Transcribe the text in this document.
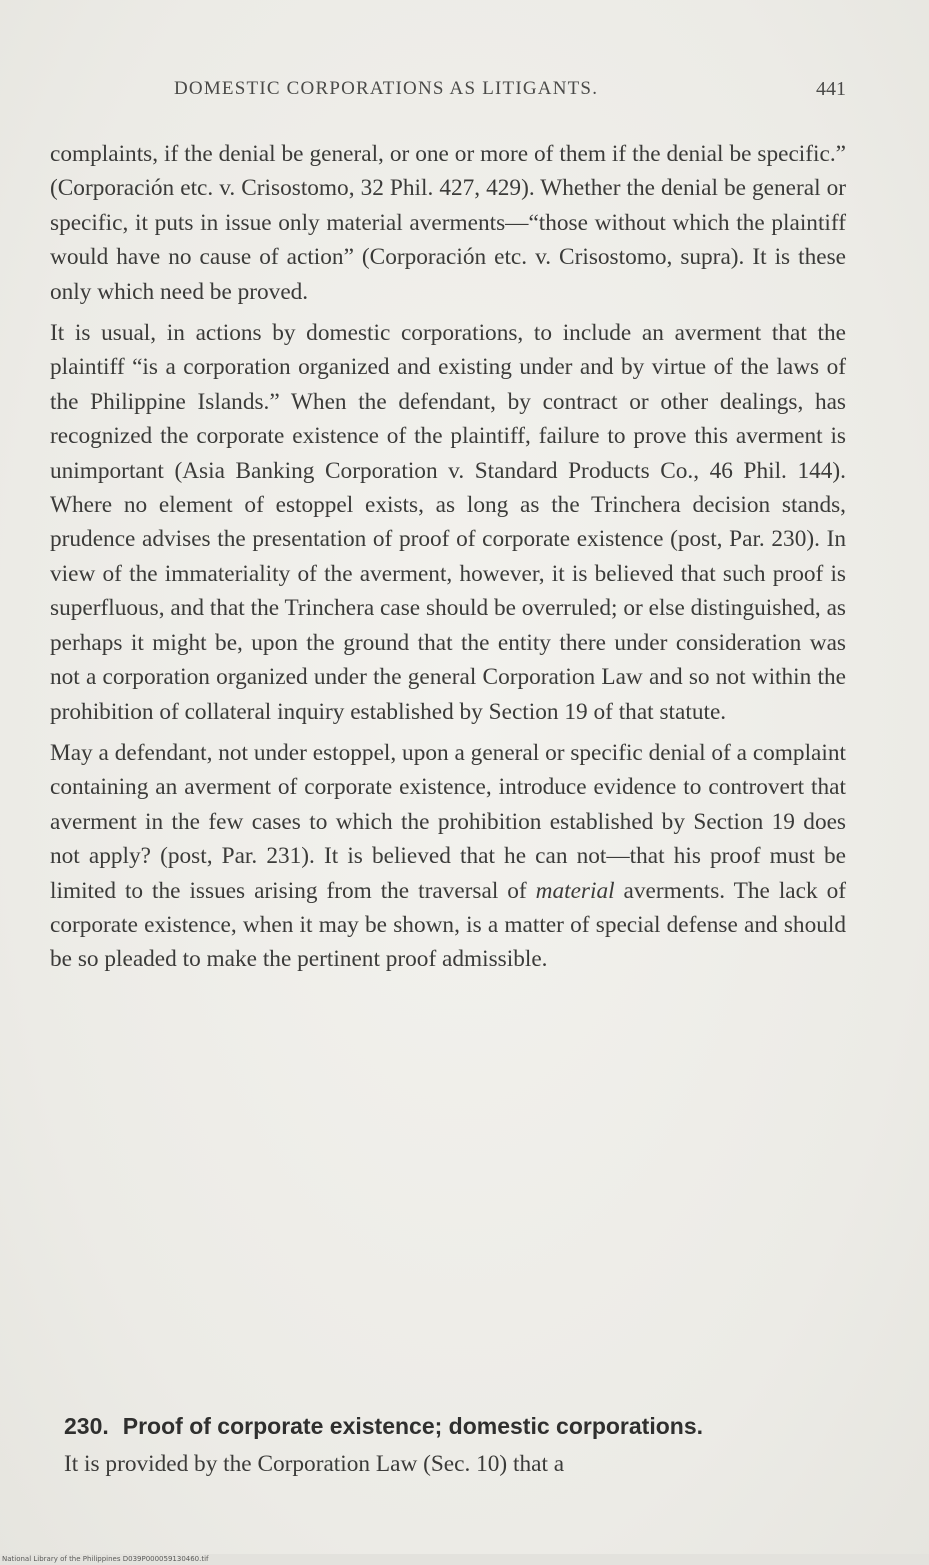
DOMESTIC CORPORATIONS AS LITIGANTS.	441

complaints, if the denial be general, or one or more of them if the denial be specific.” (Corporación etc. v. Crisostomo, 32 Phil. 427, 429). Whether the denial be general or specific, it puts in issue only material averments—“those without which the plaintiff would have no cause of action” (Corporación etc. v. Crisostomo, supra). It is these only which need be proved.

It is usual, in actions by domestic corporations, to include an averment that the plaintiff “is a corporation organized and existing under and by virtue of the laws of the Philippine Islands.” When the defendant, by contract or other dealings, has recognized the corporate existence of the plaintiff, failure to prove this averment is unimportant (Asia Banking Corporation v. Standard Products Co., 46 Phil. 144). Where no element of estoppel exists, as long as the Trinchera decision stands, prudence advises the presentation of proof of corporate existence (post, Par. 230). In view of the immateriality of the averment, however, it is believed that such proof is superfluous, and that the Trinchera case should be overruled; or else distinguished, as perhaps it might be, upon the ground that the entity there under consideration was not a corporation organized under the general Corporation Law and so not within the prohibition of collateral inquiry established by Section 19 of that statute.

May a defendant, not under estoppel, upon a general or specific denial of a complaint containing an averment of corporate existence, introduce evidence to controvert that averment in the few cases to which the prohibition established by Section 19 does not apply? (post, Par. 231). It is believed that he can not—that his proof must be limited to the issues arising from the traversal of material averments. The lack of corporate existence, when it may be shown, is a matter of special defense and should be so pleaded to make the pertinent proof admissible.

230. Proof of corporate existence; domestic corporations.

It is provided by the Corporation Law (Sec. 10) that a

National Library of the Philippines D039P000059130460.tif
